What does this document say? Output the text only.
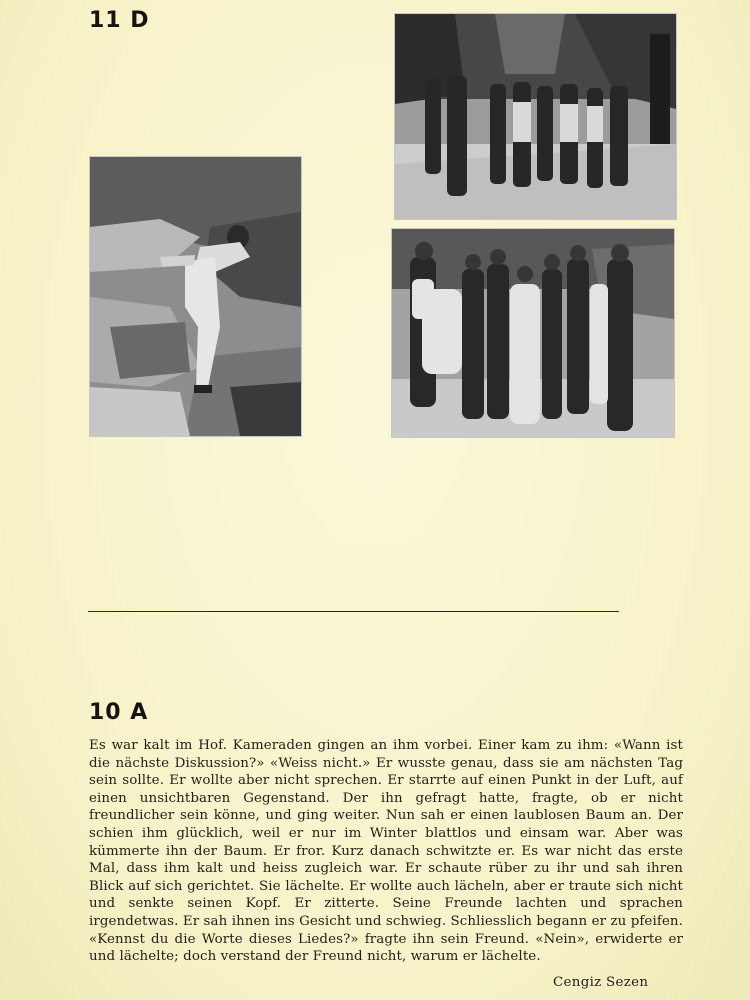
11 D
10 A

Es war kalt im Hof. Kameraden gingen an ihm vorbei. Einer kam zu ihm: «Wann ist die nächste Diskussion?» «Weiss nicht.» Er wusste genau, dass sie am nächsten Tag sein sollte. Er wollte aber nicht sprechen. Er starrte auf einen Punkt in der Luft, auf einen unsichtbaren Gegenstand. Der ihn gefragt hatte, fragte, ob er nicht freundlicher sein könne, und ging weiter. Nun sah er einen laublosen Baum an. Der schien ihm glücklich, weil er nur im Winter blattlos und einsam war. Aber was kümmerte ihn der Baum. Er fror. Kurz danach schwitzte er. Es war nicht das erste Mal, dass ihm kalt und heiss zugleich war. Er schaute rüber zu ihr und sah ihren Blick auf sich gerichtet. Sie lächelte. Er wollte auch lächeln, aber er traute sich nicht und senkte seinen Kopf. Er zitterte. Seine Freunde lachten und sprachen irgendetwas. Er sah ihnen ins Gesicht und schwieg. Schliesslich begann er zu pfeifen. «Kennst du die Worte dieses Liedes?» fragte ihn sein Freund. «Nein», erwiderte er und lächelte; doch verstand der Freund nicht, warum er lächelte.

Cengiz Sezen
